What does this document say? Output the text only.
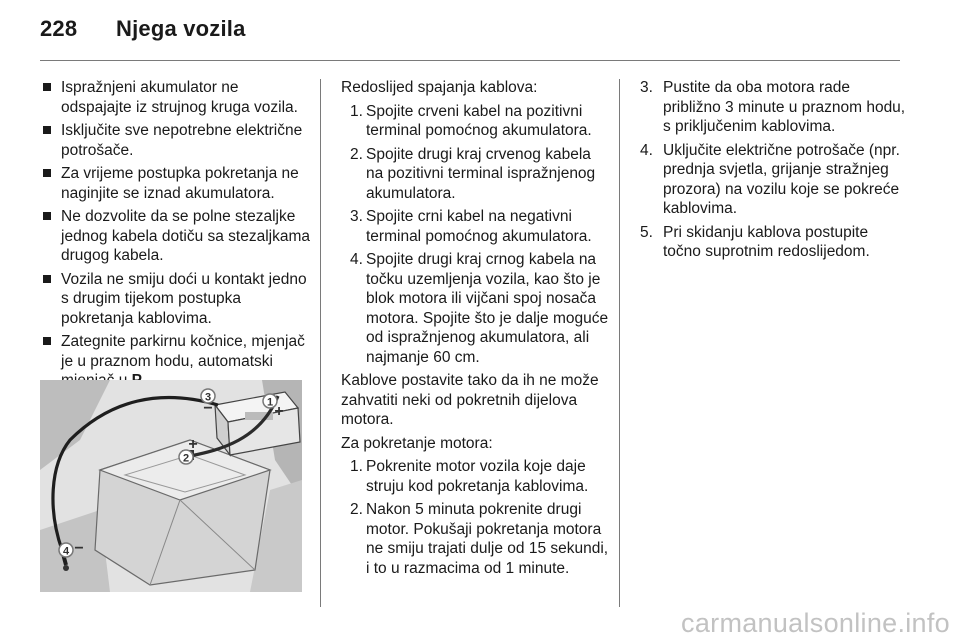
228 Njega vozila
Ispražnjeni akumulator ne odspajajte iz strujnog kruga vozila.
Isključite sve nepotrebne električne potrošače.
Za vrijeme postupka pokretanja ne naginjite se iznad akumulatora.
Ne dozvolite da se polne stezaljke jednog kabela dotiču sa stezaljkama drugog kabela.
Vozila ne smiju doći u kontakt jedno s drugim tijekom postupka pokretanja kablovima.
Zategnite parkirnu kočnice, mjenjač je u praznom hodu, automatski
3	1
2
4
−	+
+
−
Redoslijed spajanja kablova:
1. Spojite crveni kabel na pozitivni terminal pomoćnog akumulatora.
2. Spojite drugi kraj crvenog kabela na pozitivni terminal ispražnjenog akumulatora.
3. Spojite crni kabel na negativni terminal pomoćnog akumulatora.
4. Spojite drugi kraj crnog kabela na točku uzemljenja vozila, kao što je blok motora ili vijčani spoj nosača motora. Spojite što je dalje moguće od ispražnjenog akumulatora, ali najmanje 60 cm.
Kablove postavite tako da ih ne može zahvatiti neki od pokretnih dijelova motora.
Za pokretanje motora:
1. Pokrenite motor vozila koje daje struju kod pokretanja kablovima.
2. Nakon 5 minuta pokrenite drugi motor. Pokušaji pokretanja motora ne smiju trajati dulje od 15 sekundi, i to u razmacima od 1 minute.
3. Pustite da oba motora rade približno 3 minute u praznom hodu, s priključenim kablovima.
4. Uključite električne potrošače (npr. prednja svjetla, grijanje stražnjeg prozora) na vozilu koje se pokreće kablovima.
5. Pri skidanju kablova postupite točno suprotnim redoslijedom.
carmanualsonline.info
